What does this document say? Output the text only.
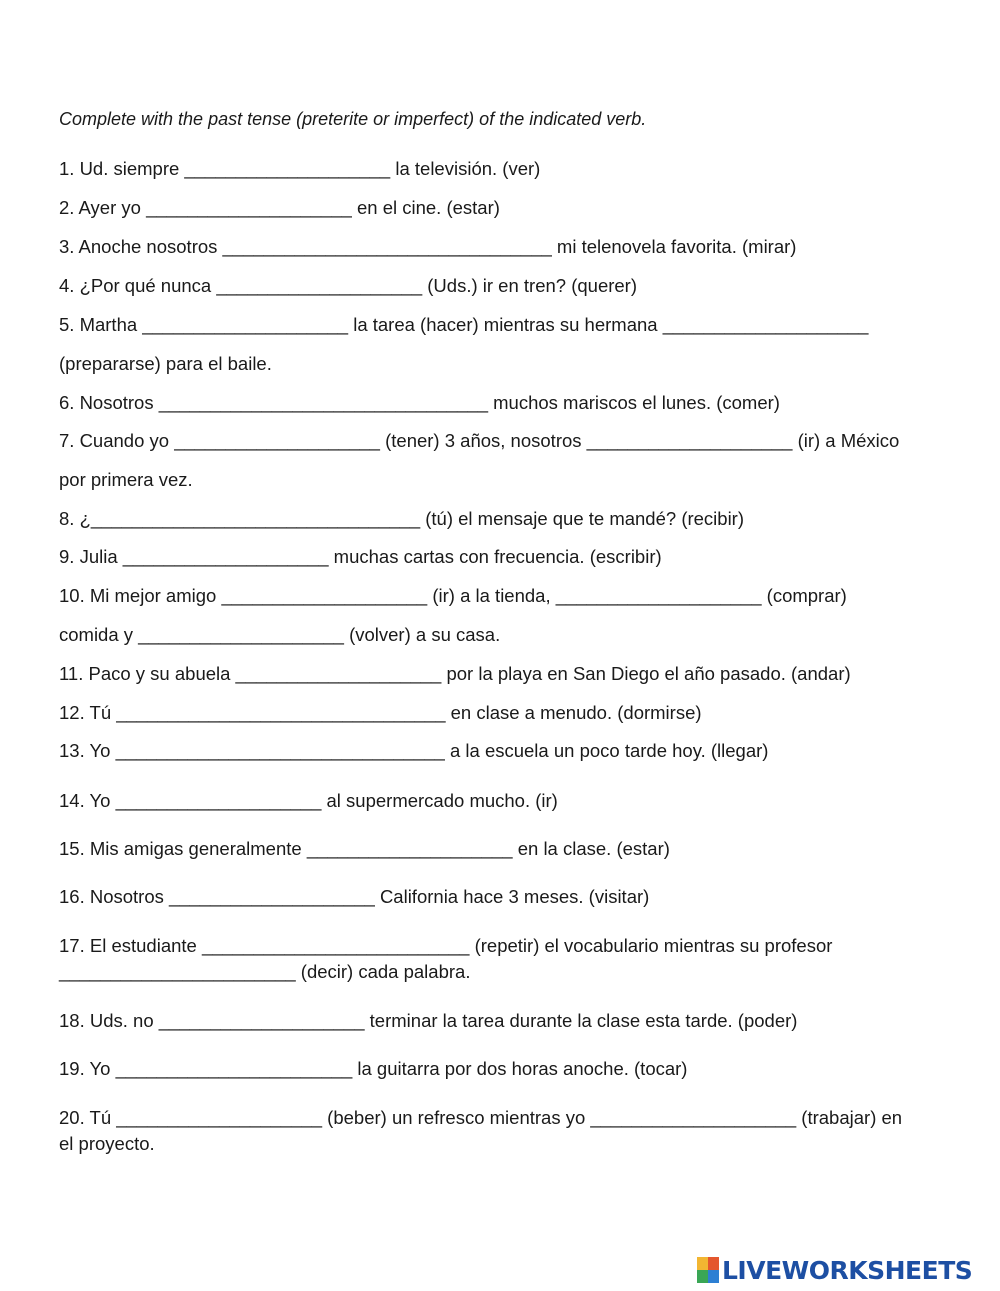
Complete with the past tense (preterite or imperfect) of the indicated verb.
1. Ud. siempre ____________________ la televisión. (ver)
2. Ayer yo ____________________ en el cine. (estar)
3. Anoche nosotros ________________________________ mi telenovela favorita. (mirar)
4. ¿Por qué nunca ____________________ (Uds.) ir en tren? (querer)
5. Martha ____________________ la tarea (hacer) mientras su hermana ____________________
(prepararse) para el baile.
6. Nosotros ________________________________ muchos mariscos el lunes. (comer)
7. Cuando yo ____________________ (tener) 3 años, nosotros ____________________ (ir) a México
por primera vez.
8. ¿________________________________ (tú) el mensaje que te mandé? (recibir)
9. Julia ____________________ muchas cartas con frecuencia. (escribir)
10. Mi mejor amigo ____________________ (ir) a la tienda, ____________________ (comprar)
comida y ____________________ (volver) a su casa.
11. Paco y su abuela ____________________ por la playa en San Diego el año pasado. (andar)
12. Tú ________________________________ en clase a menudo. (dormirse)
13. Yo ________________________________ a la escuela un poco tarde hoy. (llegar)
14. Yo ____________________ al supermercado mucho. (ir)
15. Mis amigas generalmente ____________________ en la clase. (estar)
16. Nosotros ____________________ California hace 3 meses. (visitar)
17. El estudiante __________________________ (repetir) el vocabulario mientras su profesor
_______________________ (decir) cada palabra.
18. Uds. no ____________________ terminar la tarea durante la clase esta tarde. (poder)
19. Yo _______________________ la guitarra por dos horas anoche. (tocar)
20. Tú ____________________ (beber) un refresco mientras yo ____________________ (trabajar) en
el proyecto.
LIVEWORKSHEETS
